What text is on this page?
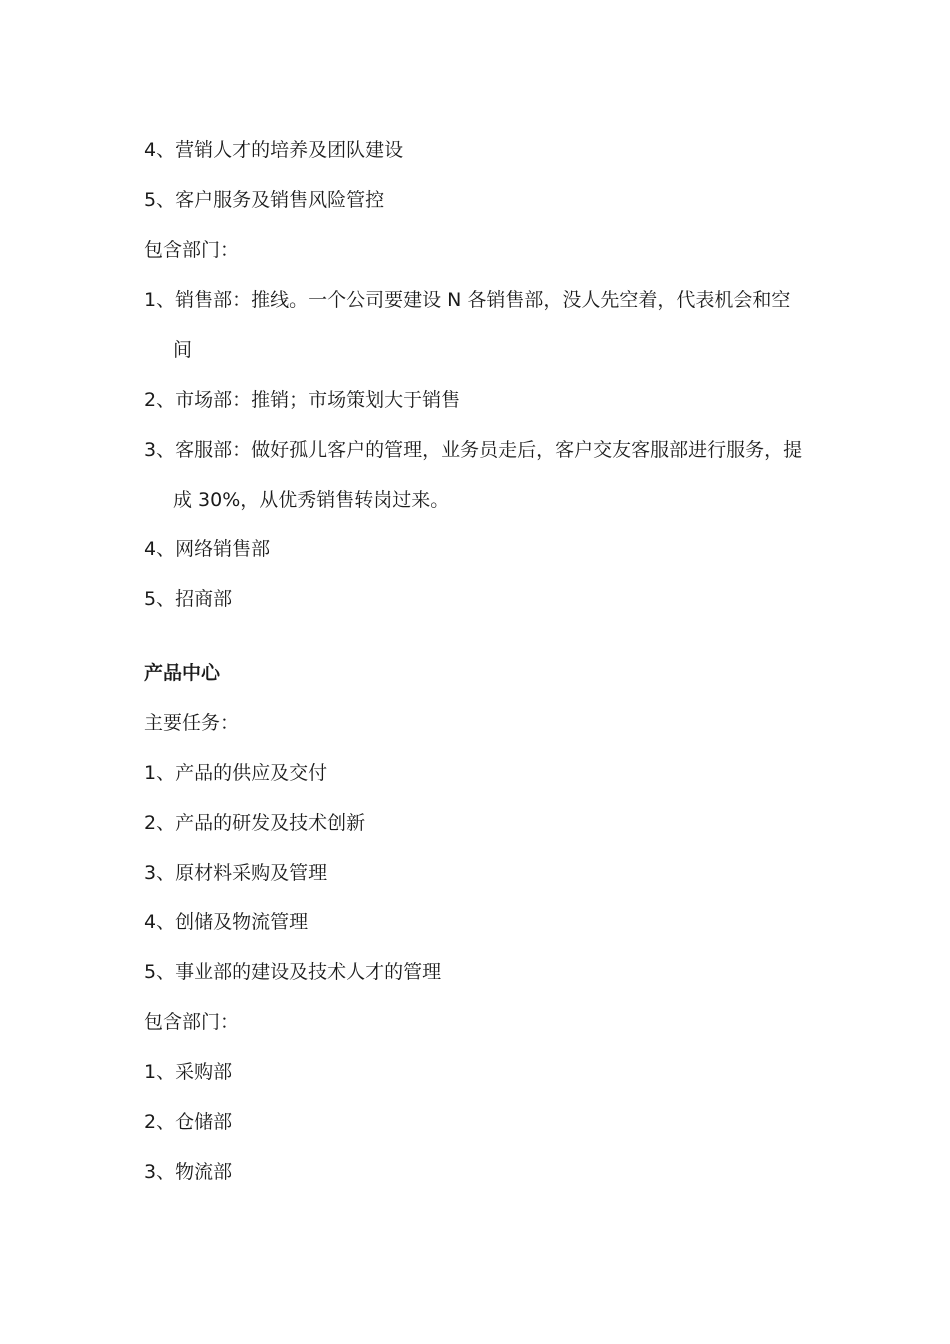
4、营销人才的培养及团队建设
5、客户服务及销售风险管控
包含部门：
1、销售部：推线。一个公司要建设 N 各销售部，没人先空着，代表机会和空
间
2、市场部：推销；市场策划大于销售
3、客服部：做好孤儿客户的管理，业务员走后，客户交友客服部进行服务，提
成 30%，从优秀销售转岗过来。
4、网络销售部
5、招商部
产品中心
主要任务：
1、产品的供应及交付
2、产品的研发及技术创新
3、原材料采购及管理
4、创储及物流管理
5、事业部的建设及技术人才的管理
包含部门：
1、采购部
2、仓储部
3、物流部
